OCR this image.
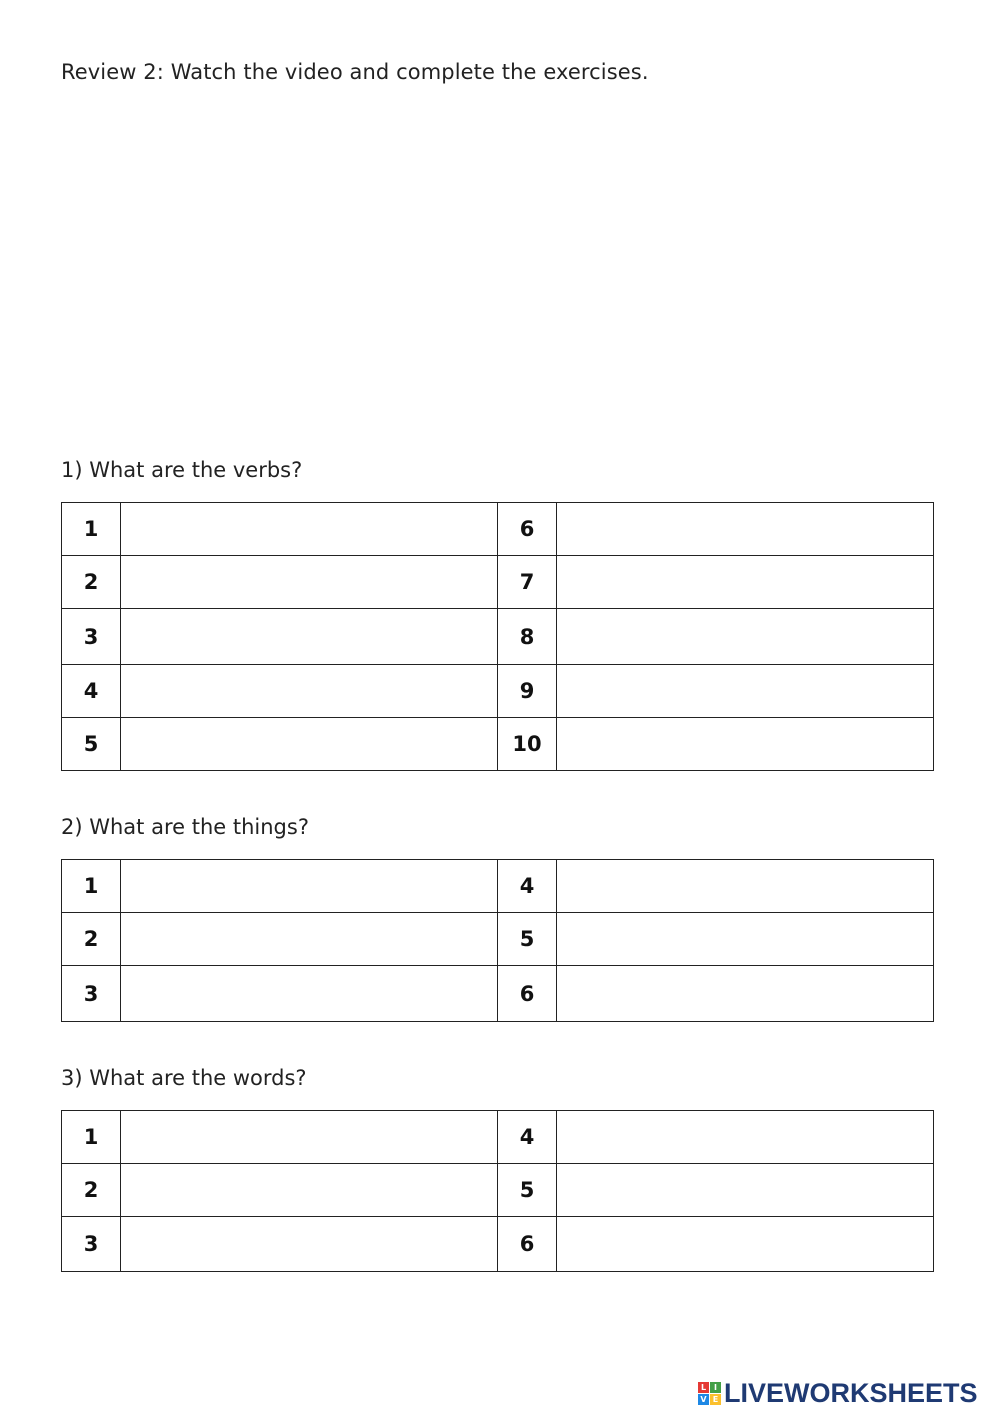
Review 2: Watch the video and complete the exercises.
1) What are the verbs?
1		6	
2		7	
3		8	
4		9	
5		10	
2) What are the things?
1		4	
2		5	
3		6	
3) What are the words?
1		4	
2		5	
3		6	
L I
V E LIVEWORKSHEETS
